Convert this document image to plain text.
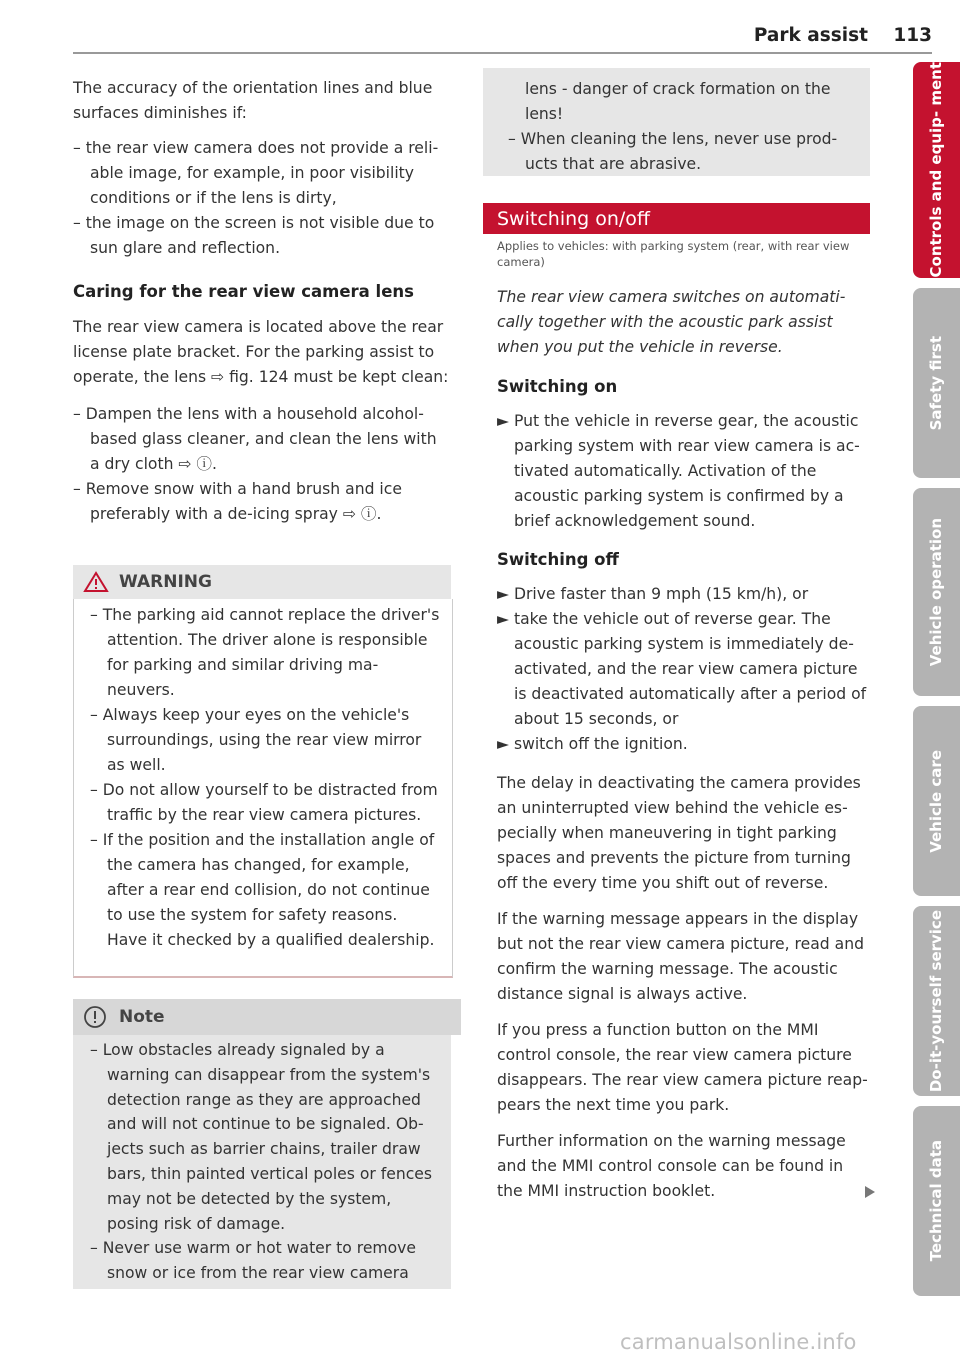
Park assist 113

The accuracy of the orientation lines and blue surfaces diminishes if:

– the rear view camera does not provide a reliable image, for example, in poor visibility conditions or if the lens is dirty,

– the image on the screen is not visible due to sun glare and reflection.

Caring for the rear view camera lens

The rear view camera is located above the rear license plate bracket. For the parking assist to operate, the lens ⇨ fig. 124 must be kept clean:

– Dampen the lens with a household alcohol-based glass cleaner, and clean the lens with a dry cloth ⇨ ⓘ.

– Remove snow with a hand brush and ice preferably with a de-icing spray ⇨ ⓘ.

WARNING

– The parking aid cannot replace the driver's attention. The driver alone is responsible for parking and similar driving maneuvers.

– Always keep your eyes on the vehicle's surroundings, using the rear view mirror as well.

– Do not allow yourself to be distracted from traffic by the rear view camera pictures.

– If the position and the installation angle of the camera has changed, for example, after a rear end collision, do not continue to use the system for safety reasons. Have it checked by a qualified dealership.

Note

– Low obstacles already signaled by a warning can disappear from the system's detection range as they are approached and will not continue to be signaled. Objects such as barrier chains, trailer draw bars, thin painted vertical poles or fences may not be detected by the system, posing risk of damage.

– Never use warm or hot water to remove snow or ice from the rear view camera

lens - danger of crack formation on the lens!

– When cleaning the lens, never use products that are abrasive.

Switching on/off
Applies to vehicles: with parking system (rear, with rear view camera)

The rear view camera switches on automatically together with the acoustic park assist when you put the vehicle in reverse.

Switching on

► Put the vehicle in reverse gear, the acoustic parking system with rear view camera is activated automatically. Activation of the acoustic parking system is confirmed by a brief acknowledgement sound.

Switching off

► Drive faster than 9 mph (15 km/h), or

► take the vehicle out of reverse gear. The acoustic parking system is immediately deactivated, and the rear view camera picture is deactivated automatically after a period of about 15 seconds, or

► switch off the ignition.

The delay in deactivating the camera provides an uninterrupted view behind the vehicle especially when maneuvering in tight parking spaces and prevents the picture from turning off the every time you shift out of reverse.

If the warning message appears in the display but not the rear view camera picture, read and confirm the warning message. The acoustic distance signal is always active.

If you press a function button on the MMI control console, the rear view camera picture disappears. The rear view camera picture reappears the next time you park.

Further information on the warning message and the MMI control console can be found in the MMI instruction booklet.

Controls and equip- ment
Safety first
Vehicle operation
Vehicle care
Do-it-yourself service
Technical data
carmanualsonline.info
